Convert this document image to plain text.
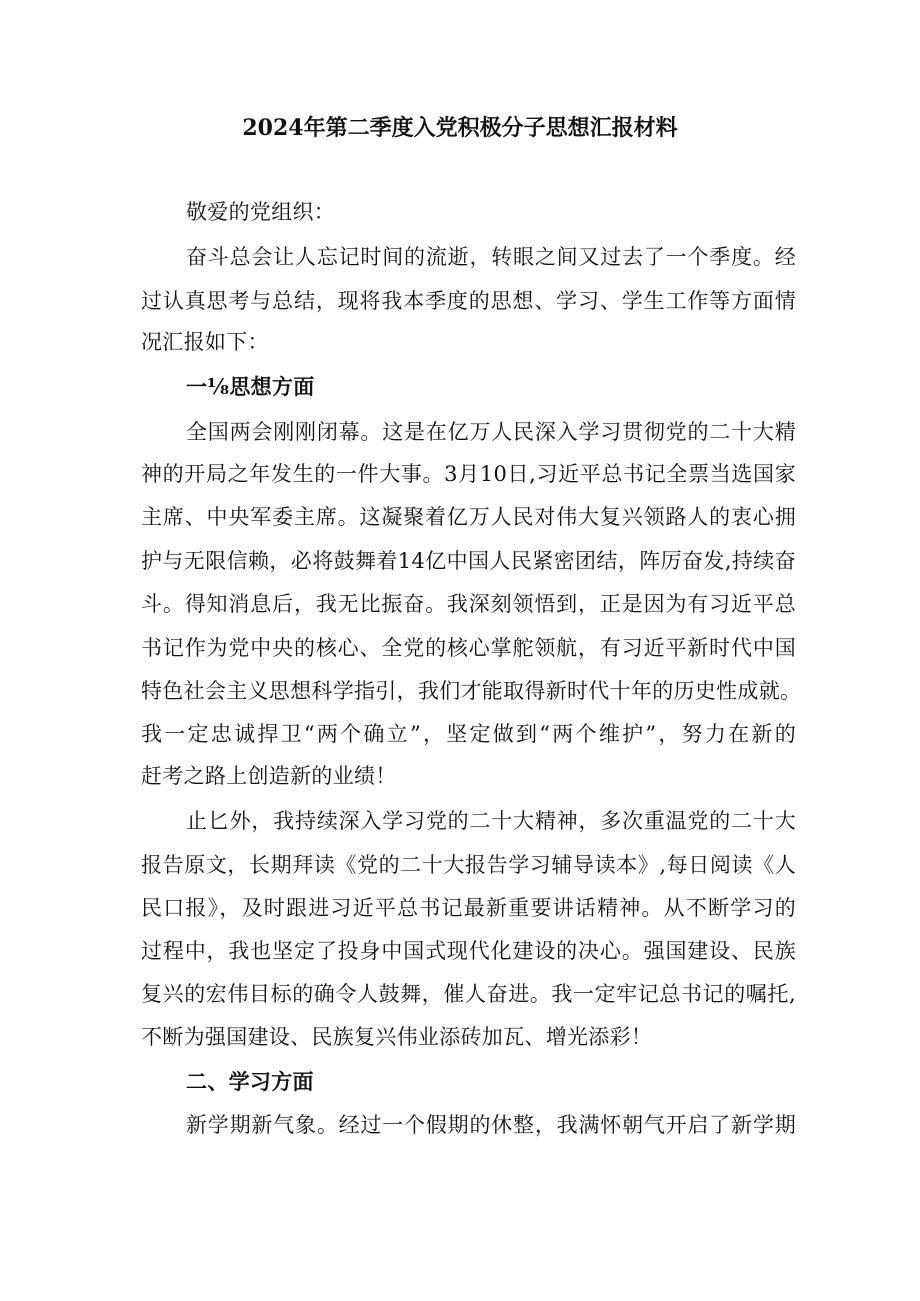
2024年第二季度入党积极分子思想汇报材料
敬爱的党组织：
奋斗总会让人忘记时间的流逝，转眼之间又过去了一个季度。经
过认真思考与总结，现将我本季度的思想、学习、学生工作等方面情
况汇报如下：
一⅛思想方面
全国两会刚刚闭幕。这是在亿万人民深入学习贯彻党的二十大精
神的开局之年发生的一件大事。3月10日,习近平总书记全票当选国家
主席、中央军委主席。这凝聚着亿万人民对伟大复兴领路人的衷心拥
护与无限信赖，必将鼓舞着14亿中国人民紧密团结，阵厉奋发,持续奋
斗。得知消息后，我无比振奋。我深刻领悟到，正是因为有习近平总
书记作为党中央的核心、全党的核心掌舵领航，有习近平新时代中国
特色社会主义思想科学指引，我们才能取得新时代十年的历史性成就。
我一定忠诚捍卫“两个确立”，坚定做到“两个维护”，努力在新的
赶考之路上创造新的业绩！
止匕外，我持续深入学习党的二十大精神，多次重温党的二十大
报告原文，长期拜读《党的二十大报告学习辅导读本》,每日阅读《人
民口报》，及时跟进习近平总书记最新重要讲话精神。从不断学习的
过程中，我也坚定了投身中国式现代化建设的决心。强国建设、民族
复兴的宏伟目标的确令人鼓舞，催人奋进。我一定牢记总书记的嘱托,
不断为强国建设、民族复兴伟业添砖加瓦、增光添彩！
二、学习方面
新学期新气象。经过一个假期的休整，我满怀朝气开启了新学期
